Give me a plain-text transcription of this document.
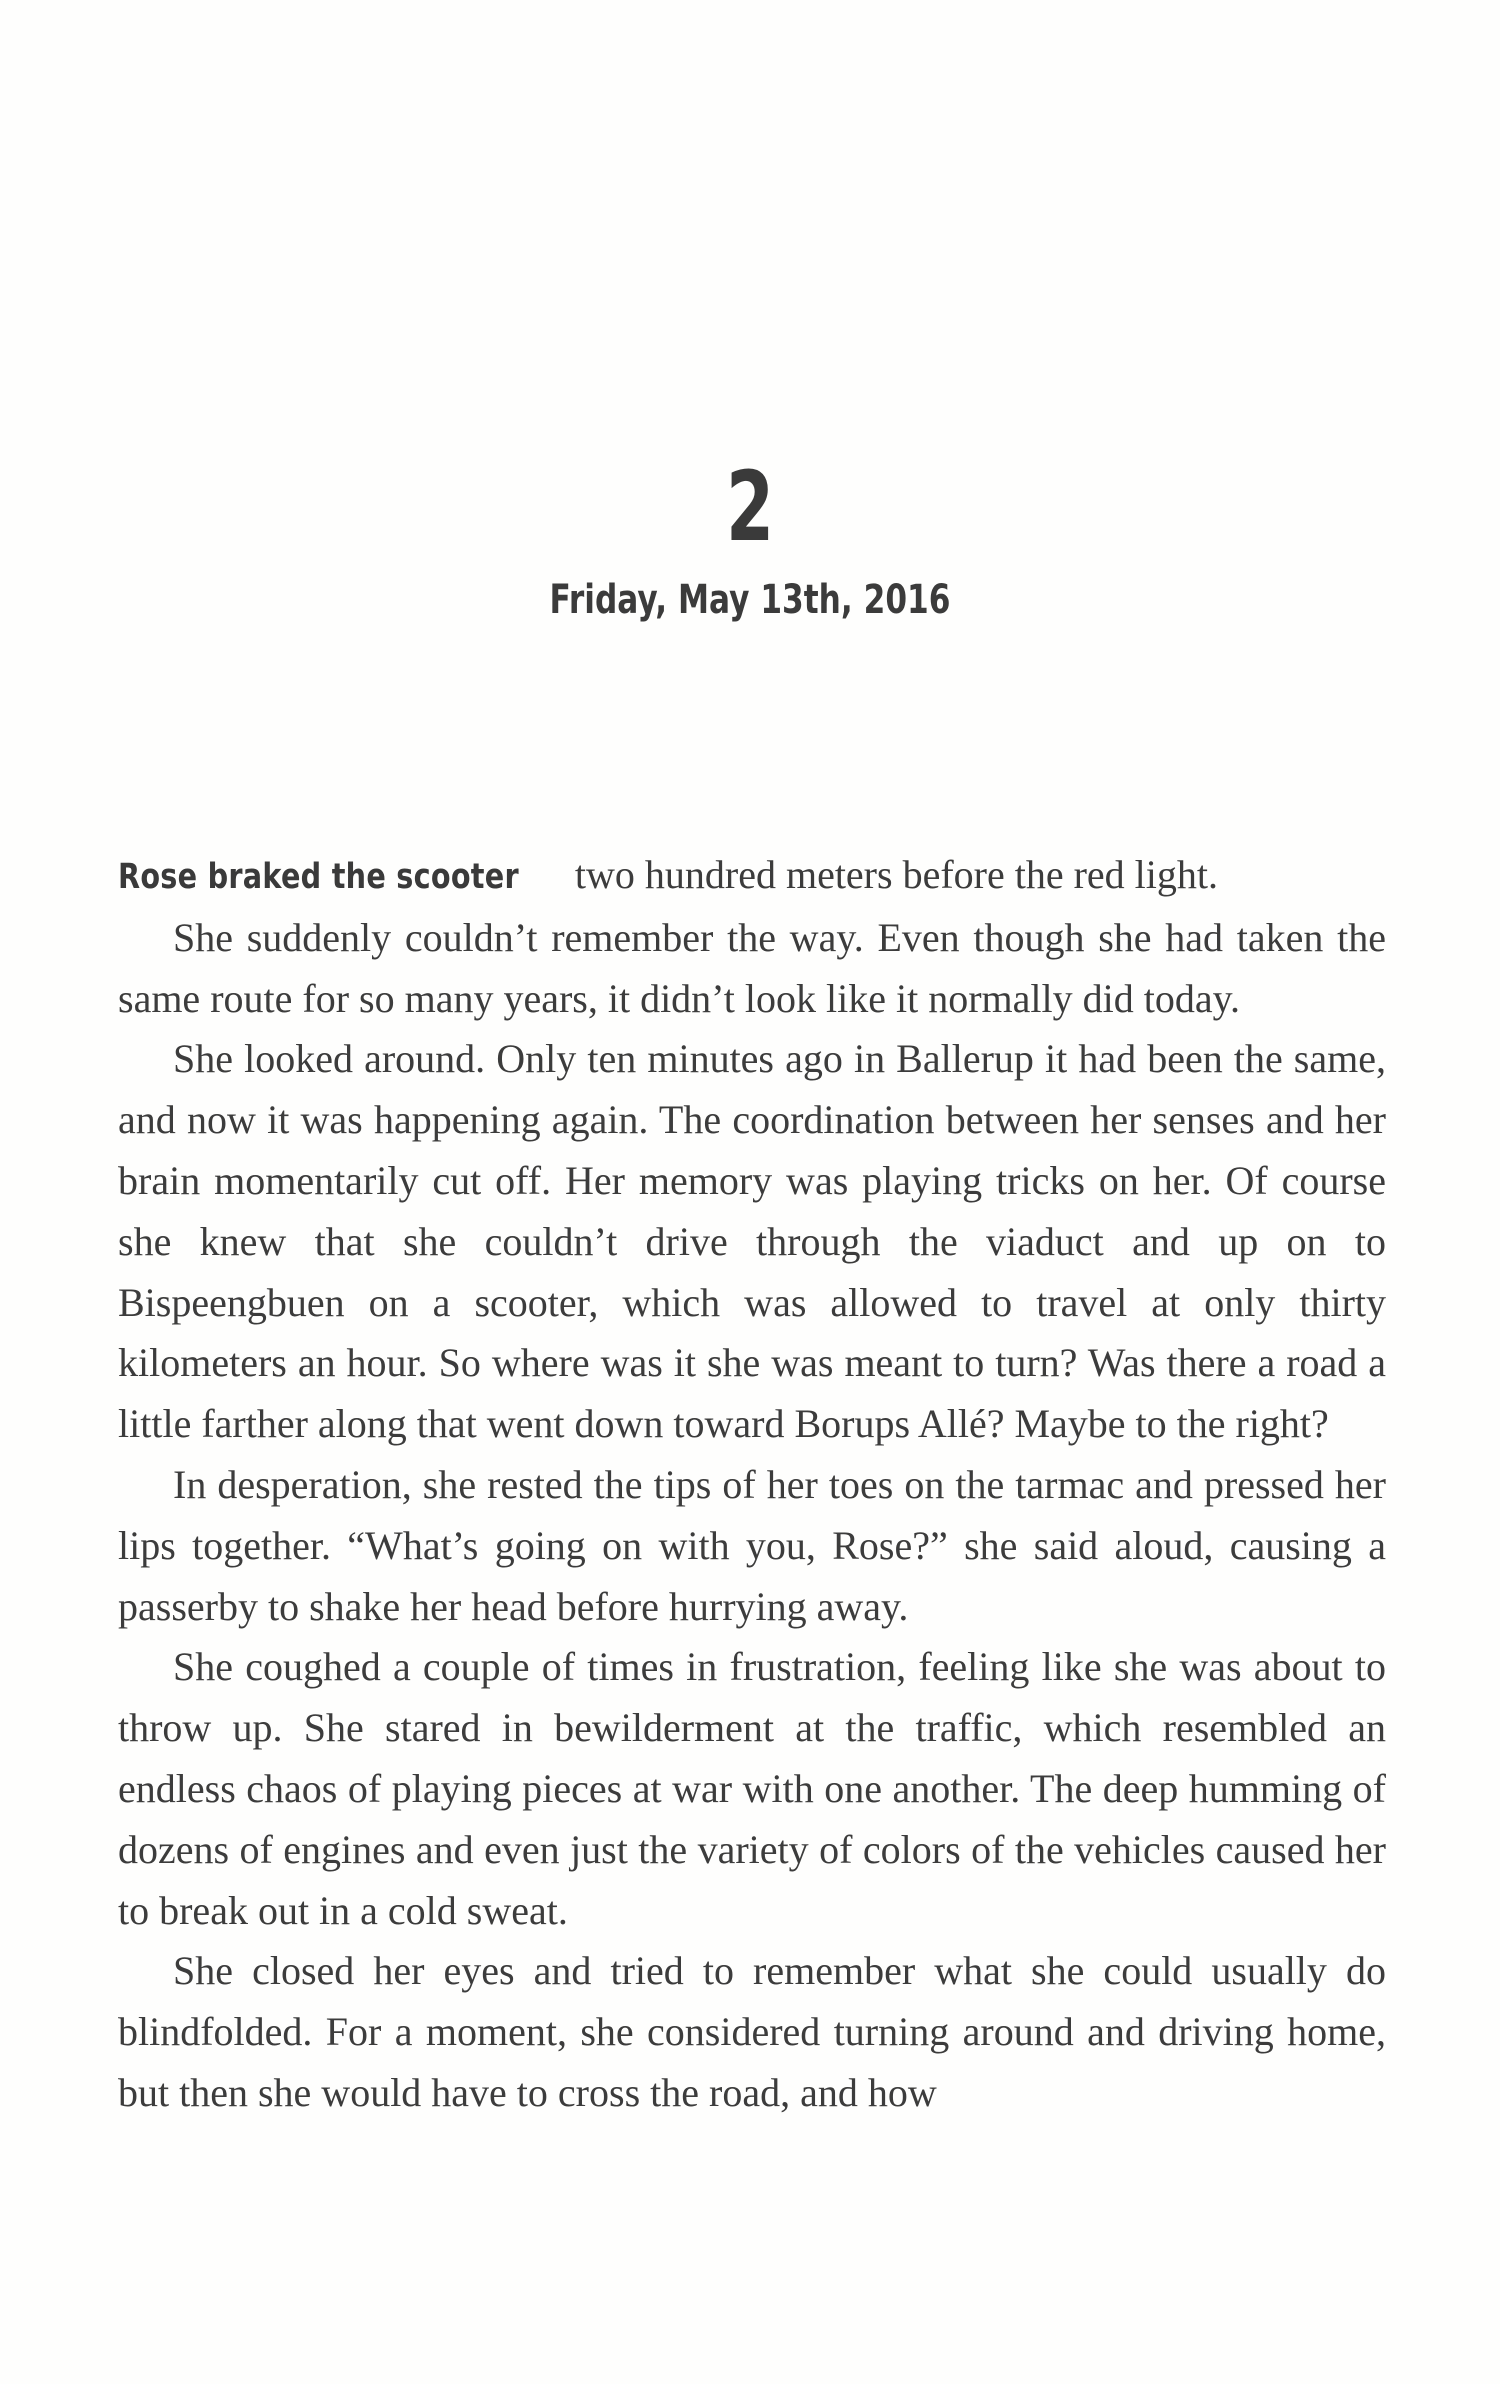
2
Friday, May 13th, 2016

Rose braked the scooter two hundred meters before the red light.

She suddenly couldn’t remember the way. Even though she had taken the same route for so many years, it didn’t look like it normally did today.

She looked around. Only ten minutes ago in Ballerup it had been the same, and now it was happening again. The coordination between her senses and her brain momentarily cut off. Her memory was playing tricks on her. Of course she knew that she couldn’t drive through the viaduct and up on to Bispeengbuen on a scooter, which was allowed to travel at only thirty kilometers an hour. So where was it she was meant to turn? Was there a road a little farther along that went down toward Borups Allé? Maybe to the right?

In desperation, she rested the tips of her toes on the tarmac and pressed her lips together. “What’s going on with you, Rose?” she said aloud, causing a passerby to shake her head before hurrying away.

She coughed a couple of times in frustration, feeling like she was about to throw up. She stared in bewilderment at the traffic, which resembled an endless chaos of playing pieces at war with one another. The deep humming of dozens of engines and even just the variety of colors of the vehicles caused her to break out in a cold sweat.

She closed her eyes and tried to remember what she could usually do blindfolded. For a moment, she considered turning around and driving home, but then she would have to cross the road, and how
